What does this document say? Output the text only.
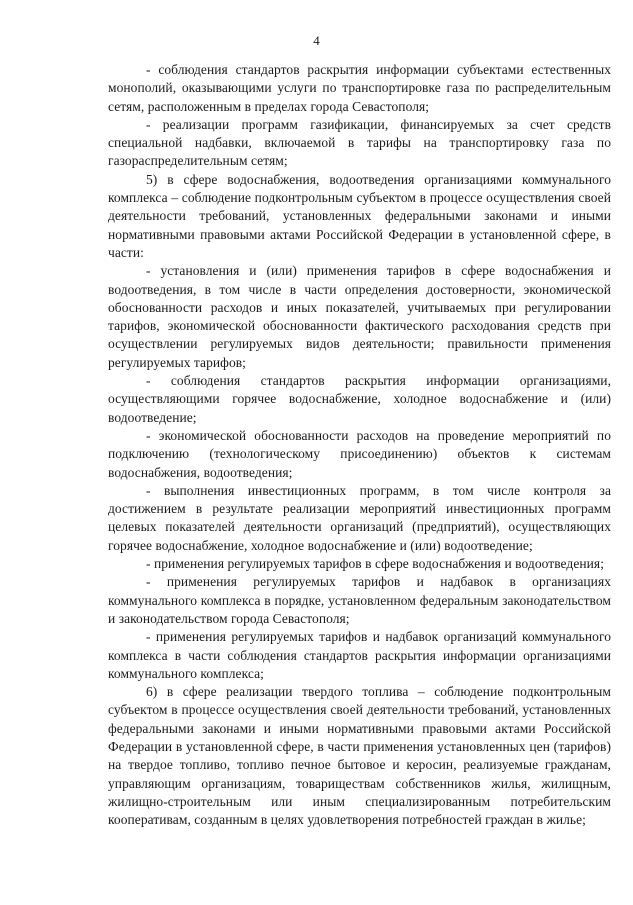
4

- соблюдения стандартов раскрытия информации субъектами естественных монополий, оказывающими услуги по транспортировке газа по распределительным сетям, расположенным в пределах города Севастополя;

- реализации программ газификации, финансируемых за счет средств специальной надбавки, включаемой в тарифы на транспортировку газа по газораспределительным сетям;

5) в сфере водоснабжения, водоотведения организациями коммунального комплекса – соблюдение подконтрольным субъектом в процессе осуществления своей деятельности требований, установленных федеральными законами и иными нормативными правовыми актами Российской Федерации в установленной сфере, в части:

- установления и (или) применения тарифов в сфере водоснабжения и водоотведения, в том числе в части определения достоверности, экономической обоснованности расходов и иных показателей, учитываемых при регулировании тарифов, экономической обоснованности фактического расходования средств при осуществлении регулируемых видов деятельности; правильности применения регулируемых тарифов;

- соблюдения стандартов раскрытия информации организациями, осуществляющими горячее водоснабжение, холодное водоснабжение и (или) водоотведение;

- экономической обоснованности расходов на проведение мероприятий по подключению (технологическому присоединению) объектов к системам водоснабжения, водоотведения;

- выполнения инвестиционных программ, в том числе контроля за достижением в результате реализации мероприятий инвестиционных программ целевых показателей деятельности организаций (предприятий), осуществляющих горячее водоснабжение, холодное водоснабжение и (или) водоотведение;

- применения регулируемых тарифов в сфере водоснабжения и водоотведения;

- применения регулируемых тарифов и надбавок в организациях коммунального комплекса в порядке, установленном федеральным законодательством и законодательством города Севастополя;

- применения регулируемых тарифов и надбавок организаций коммунального комплекса в части соблюдения стандартов раскрытия информации организациями коммунального комплекса;

6) в сфере реализации твердого топлива – соблюдение подконтрольным субъектом в процессе осуществления своей деятельности требований, установленных федеральными законами и иными нормативными правовыми актами Российской Федерации в установленной сфере, в части применения установленных цен (тарифов) на твердое топливо, топливо печное бытовое и керосин, реализуемые гражданам, управляющим организациям, товариществам собственников жилья, жилищным, жилищно-строительным или иным специализированным потребительским кооперативам, созданным в целях удовлетворения потребностей граждан в жилье;
